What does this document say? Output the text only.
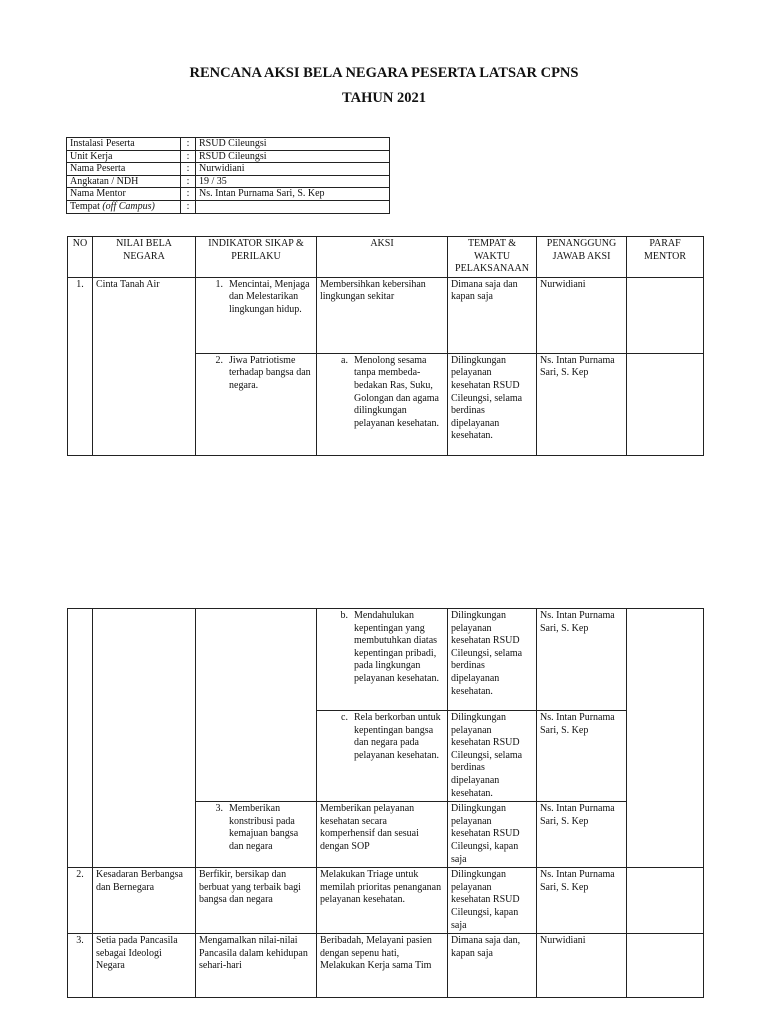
RENCANA AKSI BELA NEGARA PESERTA LATSAR CPNS
TAHUN 2021
Instalasi Peserta	:	RSUD Cileungsi
Unit Kerja	:	RSUD Cileungsi
Nama Peserta	:	Nurwidiani
Angkatan / NDH	:	19 / 35
Nama Mentor	:	Ns. Intan Purnama Sari, S. Kep
Tempat (off Campus)	:	
NO	NILAI BELA NEGARA	INDIKATOR SIKAP & PERILAKU	AKSI	TEMPAT & WAKTU PELAKSANAAN	PENANGGUNG JAWAB AKSI	PARAF MENTOR
1.	Cinta Tanah Air	1. Mencintai, Menjaga dan Melestarikan lingkungan hidup.	Membersihkan kebersihan lingkungan sekitar	Dimana saja dan kapan saja	Nurwidiani	

		2. Jiwa Patriotisme terhadap bangsa dan negara.	a. Menolong sesama tanpa membeda-bedakan Ras, Suku, Golongan dan agama dilingkungan pelayanan kesehatan.	Dilingkungan pelayanan kesehatan RSUD Cileungsi, selama berdinas dipelayanan kesehatan.	Ns. Intan Purnama Sari, S. Kep	

			b. Mendahulukan kepentingan yang membutuhkan diatas kepentingan pribadi, pada lingkungan pelayanan kesehatan.	Dilingkungan pelayanan kesehatan RSUD Cileungsi, selama berdinas dipelayanan kesehatan.	Ns. Intan Purnama Sari, S. Kep	

			c. Rela berkorban untuk kepentingan bangsa dan negara pada pelayanan kesehatan.	Dilingkungan pelayanan kesehatan RSUD Cileungsi, selama berdinas dipelayanan kesehatan.	Ns. Intan Purnama Sari, S. Kep	

		3. Memberikan konstribusi pada kemajuan bangsa dan negara	Memberikan pelayanan kesehatan secara komperhensif dan sesuai dengan SOP	Dilingkungan pelayanan kesehatan RSUD Cileungsi, kapan saja	Ns. Intan Purnama Sari, S. Kep	
2.	Kesadaran Berbangsa dan Bernegara	Berfikir, bersikap dan berbuat yang terbaik bagi bangsa dan negara	Melakukan Triage untuk memilah prioritas penanganan pelayanan kesehatan.	Dilingkungan pelayanan kesehatan RSUD Cileungsi, kapan saja	Ns. Intan Purnama Sari, S. Kep	
3.	Setia pada Pancasila sebagai Ideologi Negara	Mengamalkan nilai-nilai Pancasila dalam kehidupan sehari-hari	Beribadah, Melayani pasien dengan sepenu hati, Melakukan Kerja sama Tim	Dimana saja dan, kapan saja	Nurwidiani	
